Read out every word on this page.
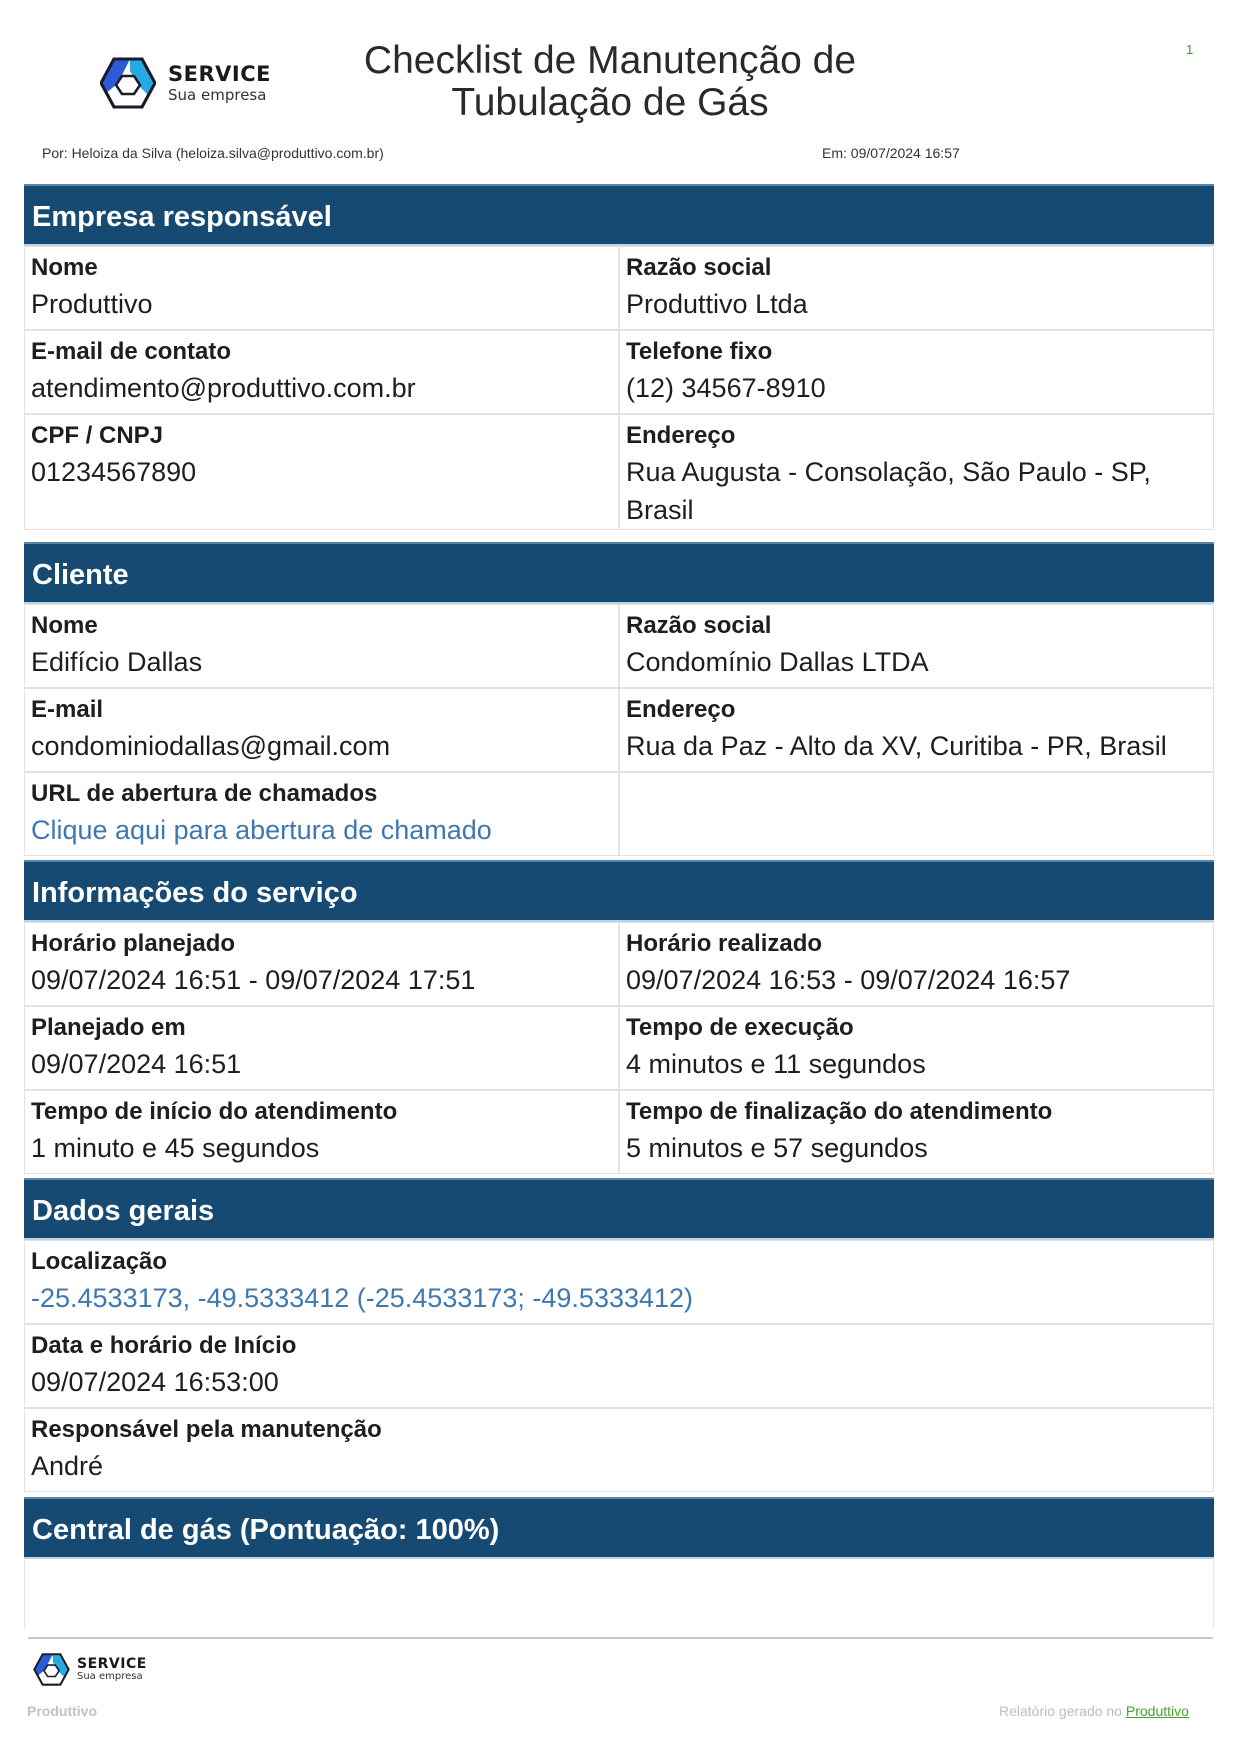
SERVICE
Sua empresa
Checklist de Manutenção de
Tubulação de Gás
1
Por: Heloiza da Silva (heloiza.silva@produttivo.com.br)	Em: 09/07/2024 16:57
Empresa responsável
Nome
Produttivo
Razão social
Produttivo Ltda
E-mail de contato
atendimento@produttivo.com.br
Telefone fixo
(12) 34567-8910
CPF / CNPJ
01234567890
Endereço
Rua Augusta - Consolação, São Paulo - SP, Brasil
Cliente
Nome
Edifício Dallas
Razão social
Condomínio Dallas LTDA
E-mail
condominiodallas@gmail.com
Endereço
Rua da Paz - Alto da XV, Curitiba - PR, Brasil
URL de abertura de chamados
Clique aqui para abertura de chamado
Informações do serviço
Horário planejado
09/07/2024 16:51 - 09/07/2024 17:51
Horário realizado
09/07/2024 16:53 - 09/07/2024 16:57
Planejado em
09/07/2024 16:51
Tempo de execução
4 minutos e 11 segundos
Tempo de início do atendimento
1 minuto e 45 segundos
Tempo de finalização do atendimento
5 minutos e 57 segundos
Dados gerais
Localização
-25.4533173, -49.5333412 (-25.4533173; -49.5333412)
Data e horário de Início
09/07/2024 16:53:00
Responsável pela manutenção
André
Central de gás (Pontuação: 100%)
SERVICE
Sua empresa
Produttivo	Relatório gerado no Produttivo
